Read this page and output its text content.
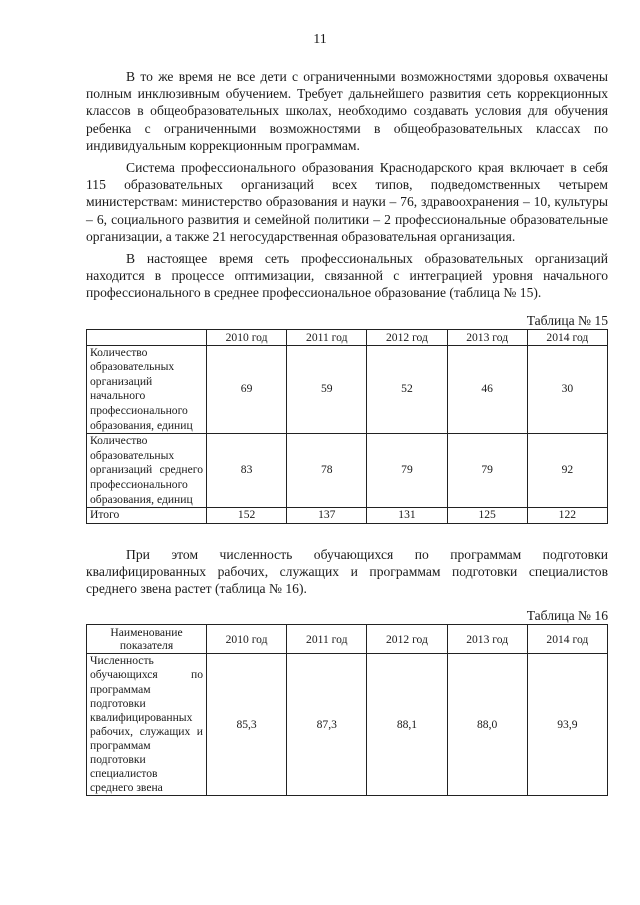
11

В то же время не все дети с ограниченными возможностями здоровья охвачены полным инклюзивным обучением. Требует дальнейшего развития сеть коррекционных классов в общеобразовательных школах, необходимо создавать условия для обучения ребенка с ограниченными возможностями в общеобразовательных классах по индивидуальным коррекционным программам.

Система профессионального образования Краснодарского края включает в себя 115 образовательных организаций всех типов, подведомственных четырем министерствам: министерство образования и науки – 76, здравоохранения – 10, культуры – 6, социального развития и семейной политики – 2 профессиональные образовательные организации, а также 21 негосударственная образовательная организация.

В настоящее время сеть профессиональных образовательных организаций находится в процессе оптимизации, связанной с интеграцией уровня начального профессионального в среднее профессиональное образование (таблица № 15).

Таблица № 15
	2010 год	2011 год	2012 год	2013 год	2014 год
Количество образовательных организаций начального профессионального образования, единиц	69	59	52	46	30
Количество образовательных организаций среднего профессионального образования, единиц	83	78	79	79	92
Итого	152	137	131	125	122

При этом численность обучающихся по программам подготовки квалифицированных рабочих, служащих и программам подготовки специалистов среднего звена растет (таблица № 16).

Таблица № 16
Наименование показателя	2010 год	2011 год	2012 год	2013 год	2014 год
Численность обучающихся по программам подготовки квалифицированных рабочих, служащих и программам подготовки специалистов среднего звена	85,3	87,3	88,1	88,0	93,9
